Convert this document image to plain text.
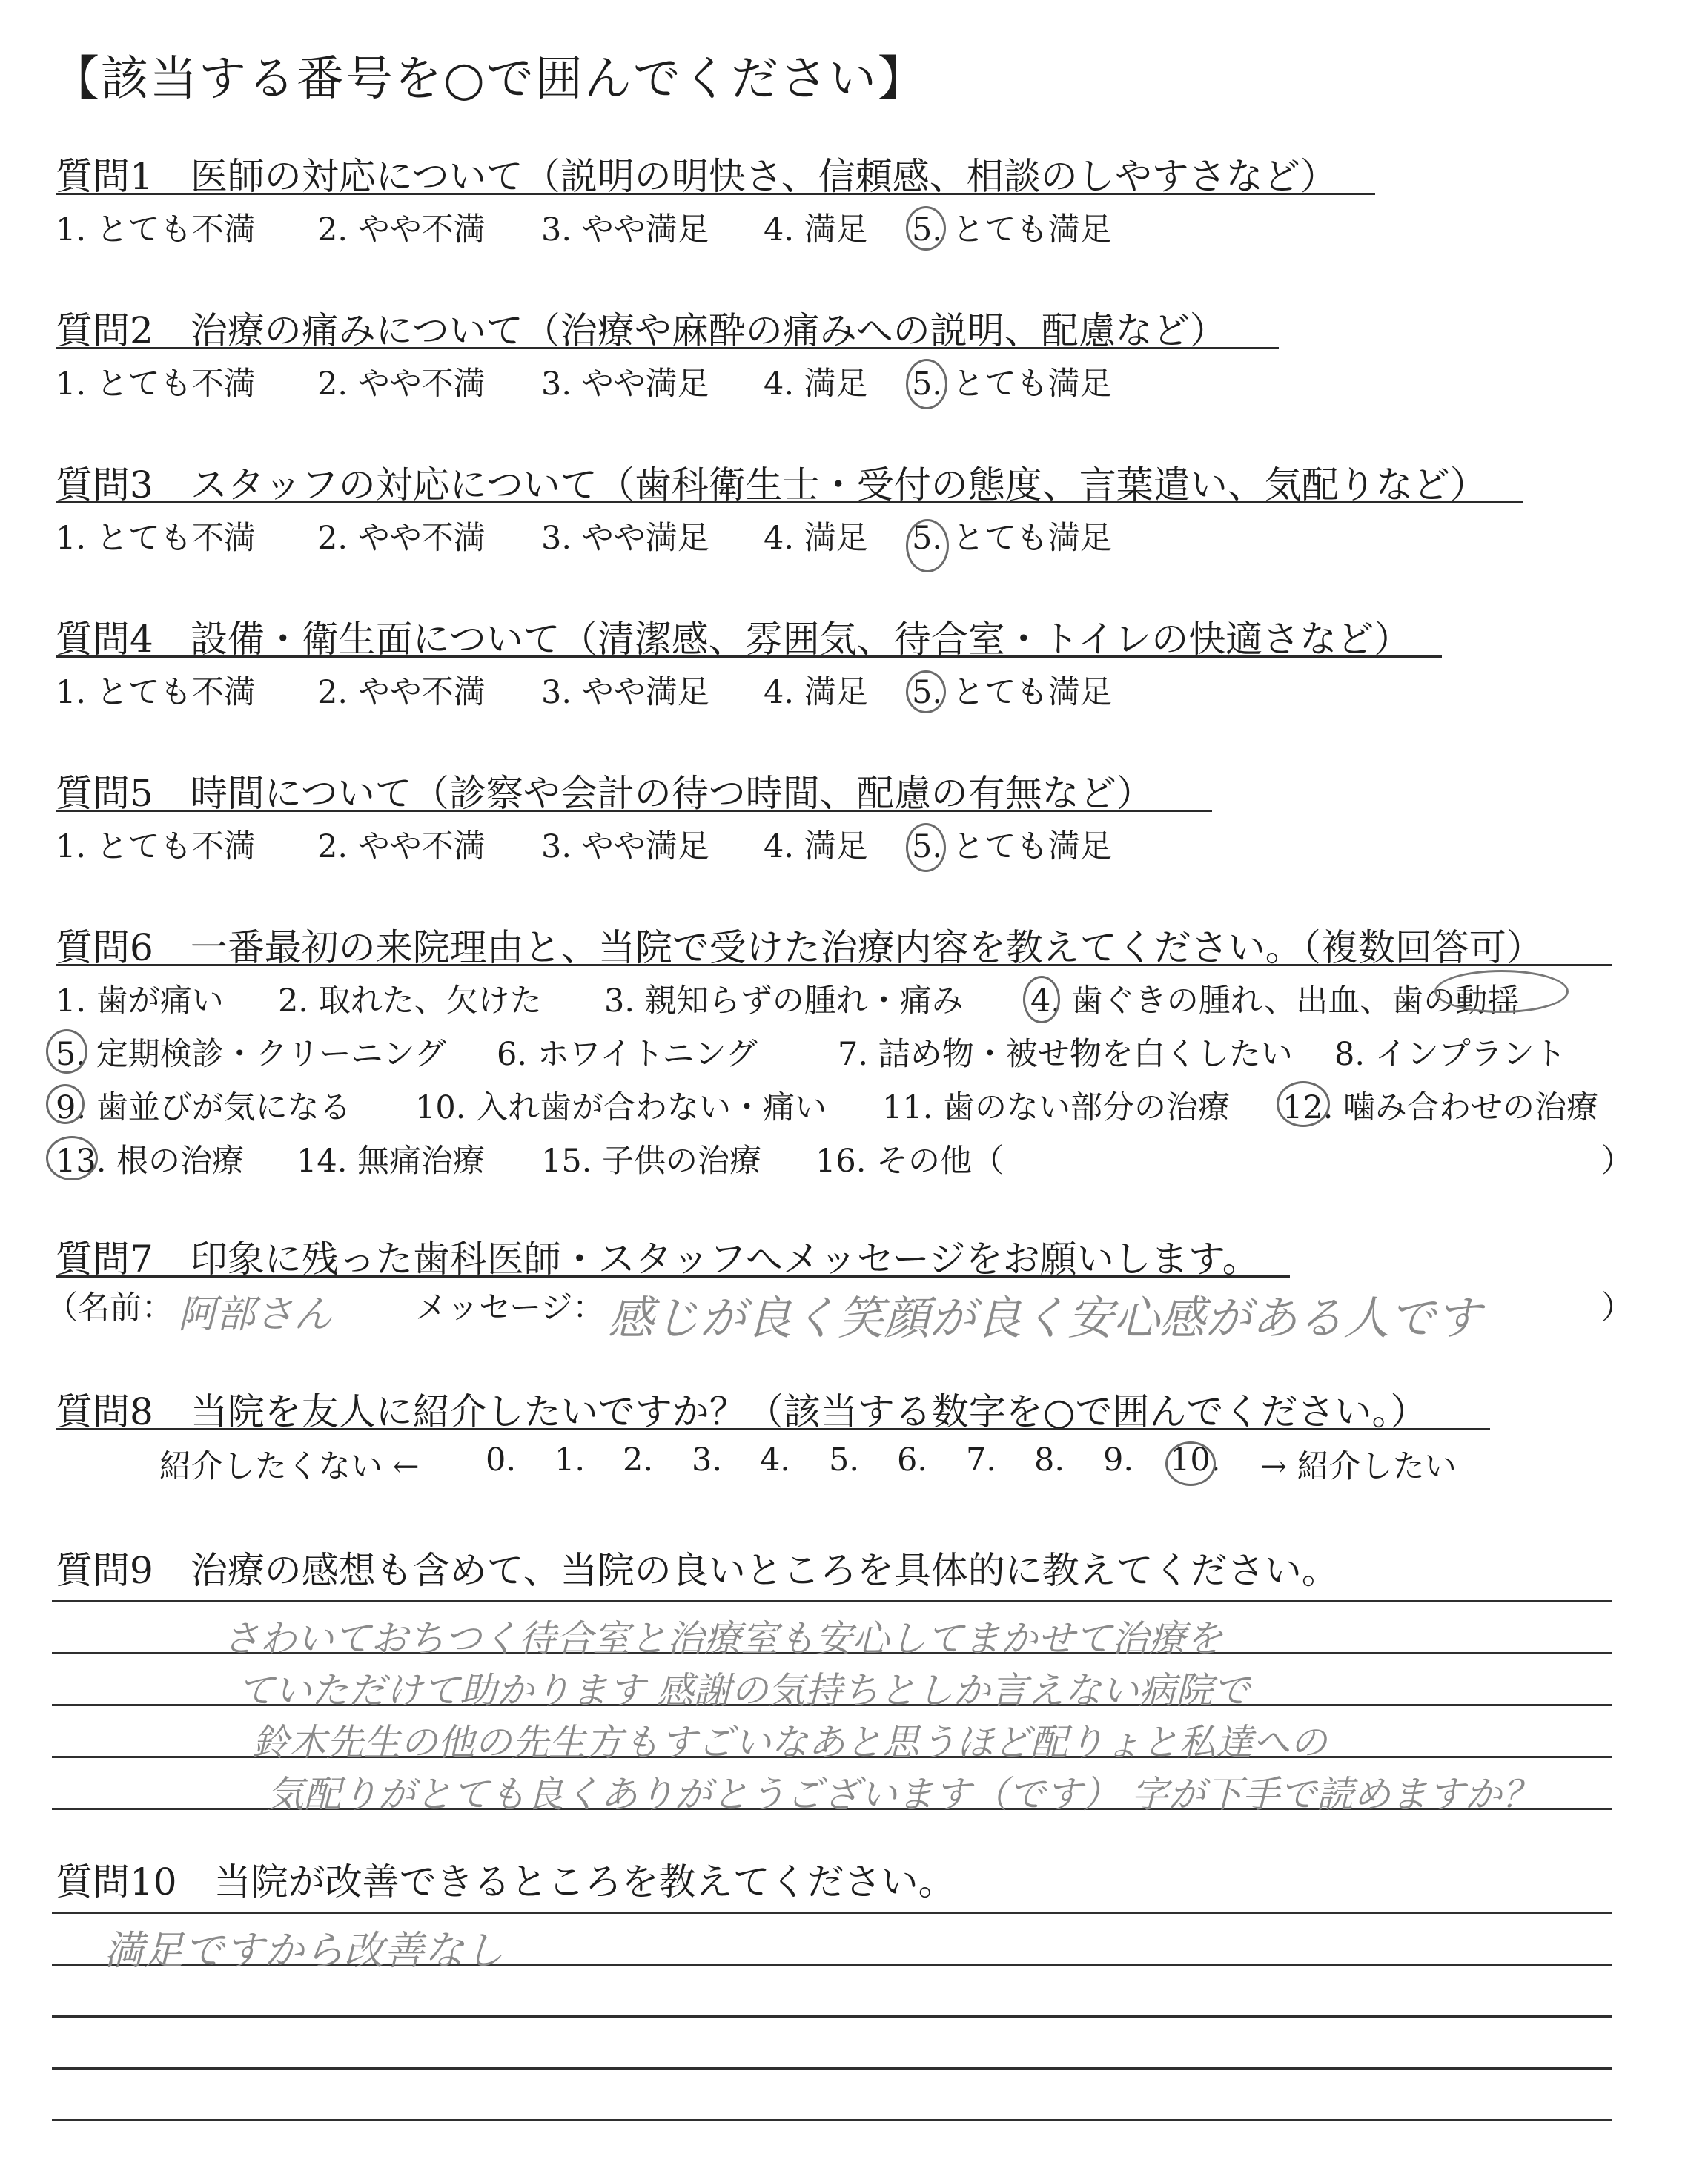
【該当する番号を○で囲んでください】
質問1　 医師の対応について（説明の明快さ、信頼感、相談のしやすさなど）
1. とても不満 2. やや不満 3. やや満足 4. 満足 5. とても満足
質問2　 治療の痛みについて（治療や麻酔の痛みへの説明、配慮など）
1. とても不満 2. やや不満 3. やや満足 4. 満足 5. とても満足
質問3　 スタッフの対応について（歯科衛生士・受付の態度、言葉遣い、気配りなど）
1. とても不満 2. やや不満 3. やや満足 4. 満足 5. とても満足
質問4　 設備・衛生面について（清潔感、雰囲気、待合室・トイレの快適さなど）
1. とても不満 2. やや不満 3. やや満足 4. 満足 5. とても満足
質問5　 時間について（診察や会計の待つ時間、配慮の有無など）
1. とても不満 2. やや不満 3. やや満足 4. 満足 5. とても満足
質問6　 一番最初の来院理由と、当院で受けた治療内容を教えてください。（複数回答可）
1. 歯が痛い 2. 取れた、欠けた 3. 親知らずの腫れ・痛み 4. 歯ぐきの腫れ、出血、歯の動揺
5. 定期検診・クリーニング 6. ホワイトニング	7. 詰め物・被せ物を白くしたい 8. インプラント
9. 歯並びが気になる 10. 入れ歯が合わない・痛い 11. 歯のない部分の治療 12. 噛み合わせの治療
13. 根の治療 14. 無痛治療 15. 子供の治療 16. その他（	）
質問7　 印象に残った歯科医師・スタッフへメッセージをお願いします。
（名前： 阿部さん	メッセージ： 感じが良く笑顔が良く安心感がある人です	）
質問8　 当院を友人に紹介したいですか？（該当する数字を○で囲んでください。）
紹介したくない ← 0. 1. 2. 3. 4. 5. 6. 7. 8. 9. 10. → 紹介したい
質問9　 治療の感想も含めて、当院の良いところを具体的に教えてください。
さわいておちつく待合室と治療室も安心してまかせて治療を
ていただけて助かります 感謝の気持ちとしか言えない病院で
鈴木先生の他の先生方もすごいなあと思うほど配りょと私達への
気配りがとても良くありがとうございます（です） 字が下手で読めますか？
質問10　 当院が改善できるところを教えてください。
満足ですから改善なし
